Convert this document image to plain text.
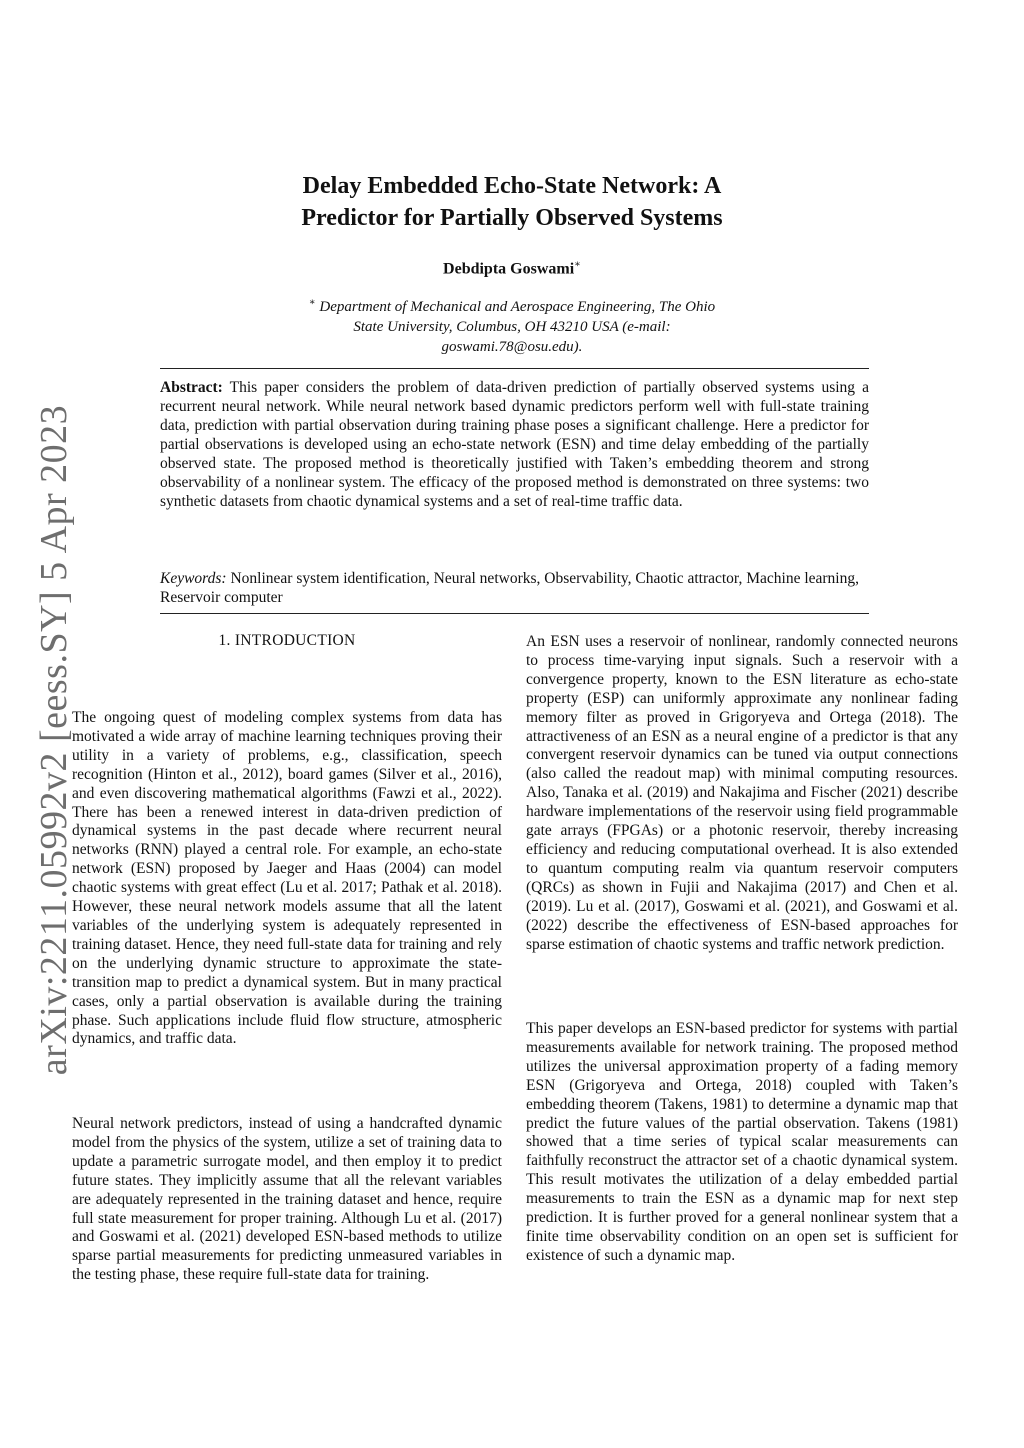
arXiv:2211.05992v2 [eess.SY] 5 Apr 2023
Delay Embedded Echo-State Network: A
Predictor for Partially Observed Systems
Debdipta Goswami∗
∗ Department of Mechanical and Aerospace Engineering, The Ohio
State University, Columbus, OH 43210 USA (e-mail:
goswami.78@osu.edu).
Abstract: This paper considers the problem of data-driven prediction of partially observed systems using a recurrent neural network. While neural network based dynamic predictors perform well with full-state training data, prediction with partial observation during training phase poses a significant challenge. Here a predictor for partial observations is developed using an echo-state network (ESN) and time delay embedding of the partially observed state. The proposed method is theoretically justified with Taken’s embedding theorem and strong observability of a nonlinear system. The efficacy of the proposed method is demonstrated on three systems: two synthetic datasets from chaotic dynamical systems and a set of real-time traffic data.
Keywords: Nonlinear system identification, Neural networks, Observability, Chaotic attractor, Machine learning, Reservoir computer
1. INTRODUCTION

The ongoing quest of modeling complex systems from data has motivated a wide array of machine learning techniques proving their utility in a variety of problems, e.g., classification, speech recognition (Hinton et al., 2012), board games (Silver et al., 2016), and even discovering mathematical algorithms (Fawzi et al., 2022). There has been a renewed interest in data-driven prediction of dynamical systems in the past decade where recurrent neural networks (RNN) played a central role. For example, an echo-state network (ESN) proposed by Jaeger and Haas (2004) can model chaotic systems with great effect (Lu et al. 2017; Pathak et al. 2018). However, these neural network models assume that all the latent variables of the underlying system is adequately represented in training dataset. Hence, they need full-state data for training and rely on the underlying dynamic structure to approximate the state-transition map to predict a dynamical system. But in many practical cases, only a partial observation is available during the training phase. Such applications include fluid flow structure, atmospheric dynamics, and traffic data.

Neural network predictors, instead of using a handcrafted dynamic model from the physics of the system, utilize a set of training data to update a parametric surrogate model, and then employ it to predict future states. They implicitly assume that all the relevant variables are adequately represented in the training dataset and hence, require full state measurement for proper training. Although Lu et al. (2017) and Goswami et al. (2021) developed ESN-based methods to utilize sparse partial measurements for predicting unmeasured variables in the testing phase, these require full-state data for training.

An ESN uses a reservoir of nonlinear, randomly connected neurons to process time-varying input signals. Such a reservoir with a convergence property, known to the ESN literature as echo-state property (ESP) can uniformly approximate any nonlinear fading memory filter as proved in Grigoryeva and Ortega (2018). The attractiveness of an ESN as a neural engine of a predictor is that any convergent reservoir dynamics can be tuned via output connections (also called the readout map) with minimal computing resources. Also, Tanaka et al. (2019) and Nakajima and Fischer (2021) describe hardware implementations of the reservoir using field programmable gate arrays (FPGAs) or a photonic reservoir, thereby increasing efficiency and reducing computational overhead. It is also extended to quantum computing realm via quantum reservoir computers (QRCs) as shown in Fujii and Nakajima (2017) and Chen et al. (2019). Lu et al. (2017), Goswami et al. (2021), and Goswami et al. (2022) describe the effectiveness of ESN-based approaches for sparse estimation of chaotic systems and traffic network prediction.

This paper develops an ESN-based predictor for systems with partial measurements available for network training. The proposed method utilizes the universal approximation property of a fading memory ESN (Grigoryeva and Ortega, 2018) coupled with Taken’s embedding theorem (Takens, 1981) to determine a dynamic map that predict the future values of the partial observation. Takens (1981) showed that a time series of typical scalar measurements can faithfully reconstruct the attractor set of a chaotic dynamical system. This result motivates the utilization of a delay embedded partial measurements to train the ESN as a dynamic map for next step prediction. It is further proved for a general nonlinear system that a finite time observability condition on an open set is sufficient for existence of such a dynamic map.
